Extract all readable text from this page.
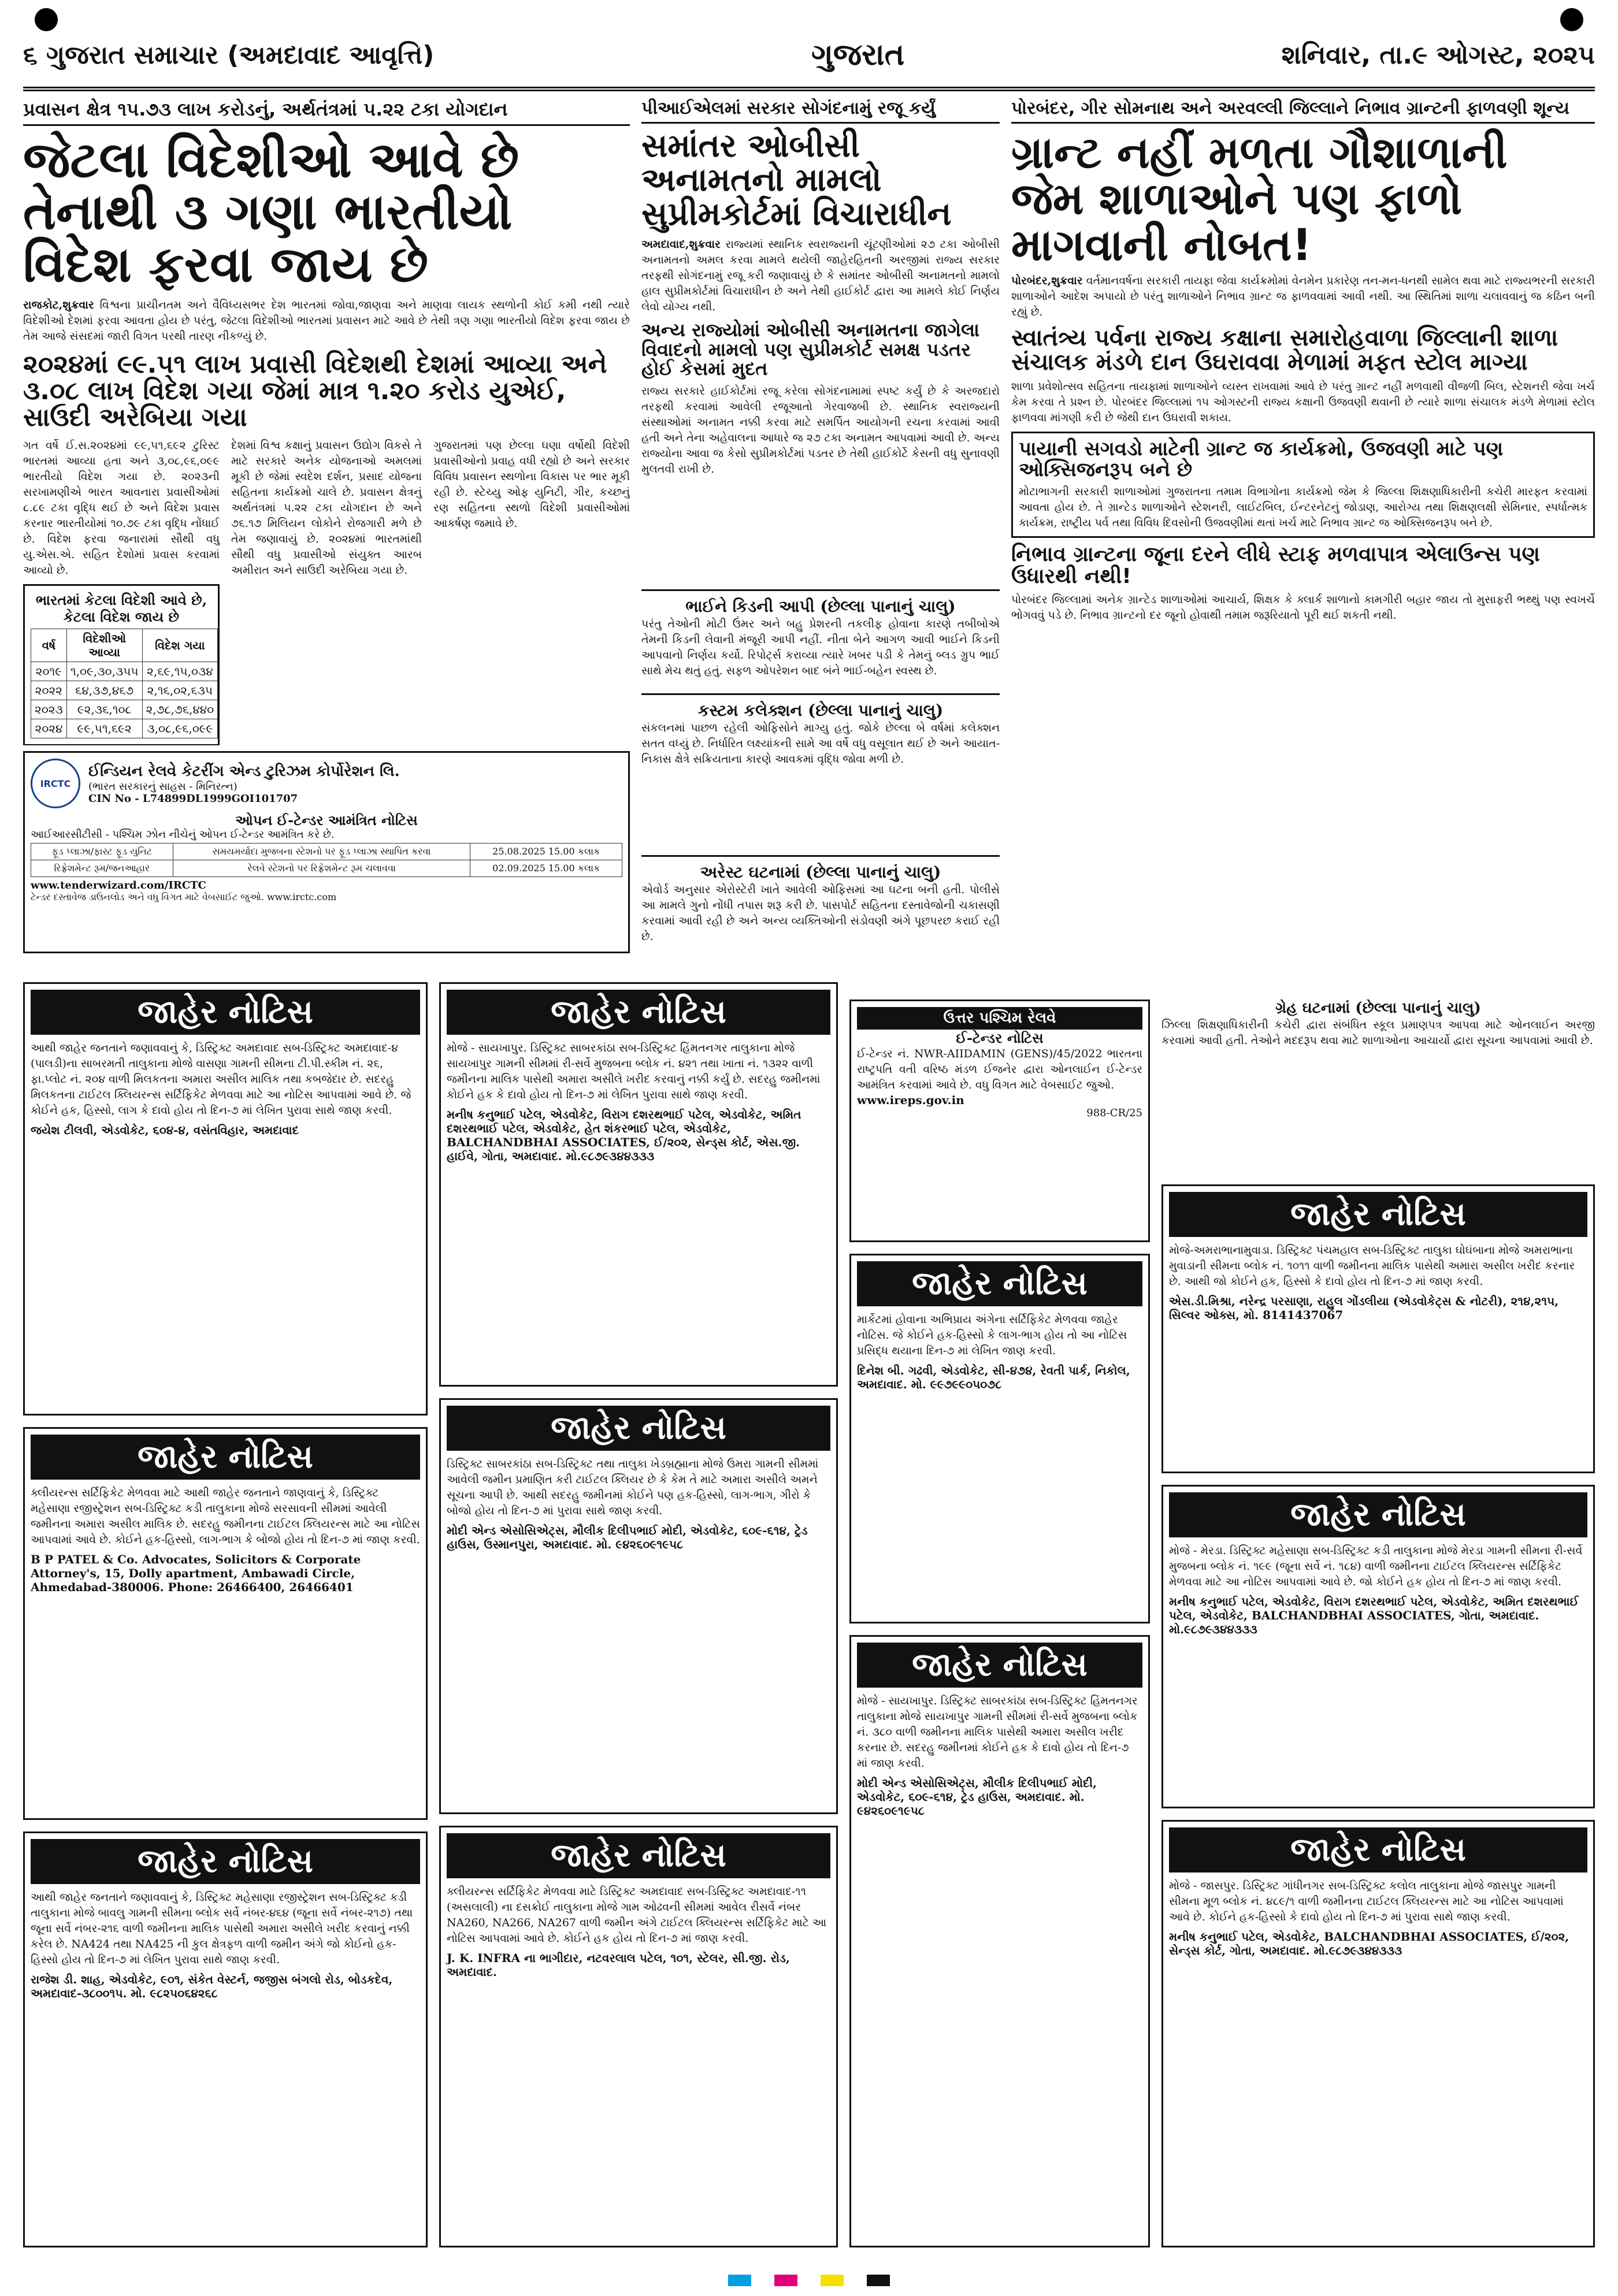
૬ ગુજરાત સમાચાર (અમદાવાદ આવૃત્તિ)	ગુજરાત	શનિવાર, તા.૯ ઓગસ્ટ, ૨૦૨૫
પ્રવાસન ક્ષેત્ર ૧૫.૭૩ લાખ કરોડનું, અર્થતંત્રમાં ૫.૨૨ ટકા યોગદાન
જેટલા વિદેશીઓ આવે છે તેનાથી ૩ ગણા ભારતીયો વિદેશ ફરવા જાય છે
રાજકોટ,શુક્રવાર વિશ્વના પ્રાચીનતમ અને વૈવિધ્યસભર દેશ ભારતમાં જોવા,જાણવા અને માણવા લાયક સ્થળોની કોઈ કમી નથી ત્યારે વિદેશીઓ દેશમાં ફરવા આવતા હોય છે પરંતુ, જેટલા વિદેશીઓ ભારતમાં પ્રવાસન માટે આવે છે તેથી ત્રણ ગણા ભારતીયો વિદેશ ફરવા જાય છે તેમ આજે સંસદમાં જારી વિગત પરથી તારણ નીકળ્યું છે.
૨૦૨૪માં ૯૯.૫૧ લાખ પ્રવાસી વિદેશથી દેશમાં આવ્યા અને ૩.૦૮ લાખ વિદેશ ગયા જેમાં માત્ર ૧.૨૦ કરોડ યુએઈ, સાઉદી અરેબિયા ગયા
ગત વર્ષે ઈ.સ.૨૦૨૪માં ૯૯,૫૧,૬૯૨ ટુરિસ્ટ ભારતમાં આવ્યા હતા અને ૩,૦૮,૯૬,૦૯૯ ભારતીયો વિદેશ ગયા છે. ૨૦૨૩ની સરખામણીએ ભારત આવનારા પ્રવાસીઓમાં ૮.૮૯ ટકા વૃદ્ધિ થઈ છે અને વિદેશ પ્રવાસ કરનાર ભારતીયોમાં ૧૦.૭૯ ટકા વૃદ્ધિ નોંધાઈ છે. વિદેશ ફરવા જનારામાં સૌથી વધુ યુ.એસ.એ. સહિત દેશોમાં પ્રવાસ કરવામાં આવ્યો છે.
ભારતમાં કેટલા વિદેશી આવે છે, કેટલા વિદેશ જાય છે
વર્ષ	વિદેશીઓ આવ્યા	વિદેશ ગયા
૨૦૧૯	૧,૦૯,૩૦,૩૫૫	૨,૬૯,૧૫,૦૩૪
૨૦૨૨	૬૪,૩૭,૪૬૭	૨,૧૬,૦૨,૬૩૫
૨૦૨૩	૯૨,૩૬,૧૦૮	૨,૭૮,૭૬,૪૪૦
૨૦૨૪	૯૯,૫૧,૬૯૨	૩,૦૮,૯૬,૦૯૯
દેશમાં વિશ્વ કક્ષાનું પ્રવાસન ઉદ્યોગ વિકસે તે માટે સરકારે અનેક યોજનાઓ અમલમાં મૂકી છે જેમાં સ્વદેશ દર્શન, પ્રસાદ યોજના સહિતના કાર્યક્રમો ચાલે છે. પ્રવાસન ક્ષેત્રનું અર્થતંત્રમાં ૫.૨૨ ટકા યોગદાન છે અને ૭૬.૧૭ મિલિયન લોકોને રોજગારી મળે છે તેમ જણાવાયું છે. ૨૦૨૪માં ભારતમાંથી સૌથી વધુ પ્રવાસીઓ સંયુક્ત આરબ અમીરાત અને સાઉદી અરેબિયા ગયા છે.
ગુજરાતમાં પણ છેલ્લા ઘણા વર્ષોથી વિદેશી પ્રવાસીઓનો પ્રવાહ વધી રહ્યો છે અને સરકાર વિવિધ પ્રવાસન સ્થળોના વિકાસ પર ભાર મૂકી રહી છે. સ્ટેચ્યુ ઓફ યુનિટી, ગીર, કચ્છનું રણ સહિતના સ્થળો વિદેશી પ્રવાસીઓમાં આકર્ષણ જમાવે છે.
IRCTC
ઈન્ડિયન રેલવે કેટરીંગ એન્ડ ટુરિઝમ કોર્પોરેશન લિ.
(ભારત સરકારનું સાહસ - મિનિરત્ન)
CIN No - L74899DL1999GOI101707
ઓપન ઈ-ટેન્ડર આમંત્રિત નોટિસ
આઈઆરસીટીસી - પશ્ચિમ ઝોન નીચેનું ઓપન ઈ-ટેન્ડર આમંત્રિત કરે છે.
ફૂડ પ્લાઝા/ફાસ્ટ ફૂડ યુનિટ	સમયમર્યાદા મુજબના સ્ટેશનો પર ફૂડ પ્લાઝા સ્થાપિત કરવા	25.08.2025 15.00 કલાક
રિફ્રેશમેન્ટ રૂમ/જનઆહાર	રેલવે સ્ટેશનો પર રિફ્રેશમેન્ટ રૂમ ચલાવવા	02.09.2025 15.00 કલાક
www.tenderwizard.com/IRCTC
ટેન્ડર દસ્તાવેજ ડાઉનલોડ અને વધુ વિગત માટે વેબસાઈટ જુઓ. www.irctc.com
પીઆઈએલમાં સરકાર સોગંદનામું રજૂ કર્યું
સમાંતર ઓબીસી અનામતનો મામલો સુપ્રીમકોર્ટમાં વિચારાધીન
અમદાવાદ,શુક્રવાર રાજ્યમાં સ્થાનિક સ્વરાજ્યની ચૂંટણીઓમાં ૨૭ ટકા ઓબીસી અનામતનો અમલ કરવા મામલે થયેલી જાહેરહિતની અરજીમાં રાજ્ય સરકાર તરફથી સોગંદનામું રજૂ કરી જણાવાયું છે કે સમાંતર ઓબીસી અનામતનો મામલો હાલ સુપ્રીમકોર્ટમાં વિચારાધીન છે અને તેથી હાઈકોર્ટ દ્વારા આ મામલે કોઈ નિર્ણય લેવો યોગ્ય નથી.
અન્ય રાજ્યોમાં ઓબીસી અનામતના જાગેલા વિવાદનો મામલો પણ સુપ્રીમકોર્ટ સમક્ષ પડતર હોઈ કેસમાં મુદત
રાજ્ય સરકારે હાઈકોર્ટમાં રજૂ કરેલા સોગંદનામામાં સ્પષ્ટ કર્યું છે કે અરજદારો તરફથી કરવામાં આવેલી રજૂઆતો ગેરવાજબી છે. સ્થાનિક સ્વરાજ્યની સંસ્થાઓમાં અનામત નક્કી કરવા માટે સમર્પિત આયોગની રચના કરવામાં આવી હતી અને તેના અહેવાલના આધારે જ ૨૭ ટકા અનામત આપવામાં આવી છે. અન્ય રાજ્યોના આવા જ કેસો સુપ્રીમકોર્ટમાં પડતર છે તેથી હાઈકોર્ટે કેસની વધુ સુનાવણી મુલતવી રાખી છે.
ભાઈને કિડની આપી (છેલ્લા પાનાનું ચાલુ)
પરંતુ તેઓની મોટી ઉંમર અને બહુ પ્રેશરની તકલીફ હોવાના કારણે તબીબોએ તેમની કિડની લેવાની મંજૂરી આપી નહીં. નીતા બેને આગળ આવી ભાઈને કિડની આપવાનો નિર્ણય કર્યો. રિપોર્ટ્સ કરાવ્યા ત્યારે ખબર પડી કે તેમનું બ્લડ ગ્રુપ ભાઈ સાથે મેચ થતું હતું. સફળ ઓપરેશન બાદ બંને ભાઈ-બહેન સ્વસ્થ છે.
કસ્ટમ કલેક્શન (છેલ્લા પાનાનું ચાલુ)
સંકલનમાં પાછળ રહેલી ઓફિસોને માગ્યુ હતું. જોકે છેલ્લા બે વર્ષમાં કલેક્શન સતત વધ્યું છે. નિર્ધારિત લક્ષ્યાંકની સામે આ વર્ષે વધુ વસૂલાત થઈ છે અને આયાત-નિકાસ ક્ષેત્રે સક્રિયતાના કારણે આવકમાં વૃદ્ધિ જોવા મળી છે.
અરેસ્ટ ઘટનામાં (છેલ્લા પાનાનું ચાલુ)
એવોર્ડ અનુસાર એરોસ્ટેરી ખાતે આવેલી ઓફિસમાં આ ઘટના બની હતી. પોલીસે આ મામલે ગુનો નોંધી તપાસ શરૂ કરી છે. પાસપોર્ટ સહિતના દસ્તાવેજોની ચકાસણી કરવામાં આવી રહી છે અને અન્ય વ્યક્તિઓની સંડોવણી અંગે પૂછપરછ કરાઈ રહી છે.
પોરબંદર, ગીર સોમનાથ અને અરવલ્લી જિલ્લાને નિભાવ ગ્રાન્ટની ફાળવણી શૂન્ય
ગ્રાન્ટ નહીં મળતા ગૌશાળાની જેમ શાળાઓને પણ ફાળો માગવાની નોબત!
પોરબંદર,શુક્રવાર વર્તમાનવર્ષના સરકારી તાયફા જેવા કાર્યક્રમોમાં વેનમેન પ્રકારેણ તન-મન-ધનથી સામેલ થવા માટે રાજ્યભરની સરકારી શાળાઓને આદેશ અપાયો છે પરંતુ શાળાઓને નિભાવ ગ્રાન્ટ જ ફાળવવામાં આવી નથી. આ સ્થિતિમાં શાળા ચલાવવાનું જ કઠિન બની રહ્યું છે.
સ્વાતંત્ર્ય પર્વના રાજ્ય કક્ષાના સમારોહવાળા જિલ્લાની શાળા સંચાલક મંડળે દાન ઉઘરાવવા મેળામાં મફત સ્ટોલ માગ્યા
શાળા પ્રવેશોત્સવ સહિતના તાયફામાં શાળાઓને વ્યસ્ત રાખવામાં આવે છે પરંતુ ગ્રાન્ટ નહીં મળવાથી વીજળી બિલ, સ્ટેશનરી જેવા ખર્ચ કેમ કરવા તે પ્રશ્ન છે. પોરબંદર જિલ્લામાં ૧૫ ઓગસ્ટની રાજ્ય કક્ષાની ઉજવણી થવાની છે ત્યારે શાળા સંચાલક મંડળે મેળામાં સ્ટોલ ફાળવવા માંગણી કરી છે જેથી દાન ઉઘરાવી શકાય.
પાયાની સગવડો માટેની ગ્રાન્ટ જ કાર્યક્રમો, ઉજવણી માટે પણ ઓક્સિજનરૂપ બને છે
મોટાભાગની સરકારી શાળાઓમાં ગુજરાતના તમામ વિભાગોના કાર્યક્રમો જેમ કે જિલ્લા શિક્ષણાધિકારીની કચેરી મારફત કરવામાં આવતા હોય છે. તે ગ્રાન્ટેડ શાળાઓને સ્ટેશનરી, લાઈટબિલ, ઈન્ટરનેટનું જોડાણ, આરોગ્ય તથા શિક્ષણલક્ષી સેમિનાર, સ્પર્ધાત્મક કાર્યક્રમ, રાષ્ટ્રીય પર્વ તથા વિવિધ દિવસોની ઉજવણીમાં થતાં ખર્ચ માટે નિભાવ ગ્રાન્ટ જ ઓક્સિજનરૂપ બને છે.
નિભાવ ગ્રાન્ટના જૂના દરને લીધે સ્ટાફ મળવાપાત્ર એલાઉન્સ પણ ઉધારથી નથી!
પોરબંદર જિલ્લામાં અનેક ગ્રાન્ટેડ શાળાઓમાં આચાર્ય, શિક્ષક કે ક્લાર્ક શાળાનો કામગીરી બહાર જાય તો મુસાફરી ભથ્થું પણ સ્વખર્ચે ભોગવવું પડે છે. નિભાવ ગ્રાન્ટનો દર જૂનો હોવાથી તમામ જરૂરિયાતો પૂરી થઈ શકતી નથી.
ઉત્તર પશ્ચિમ રેલવે
ઈ-ટેન્ડર નોટિસ
ઈ-ટેન્ડર નં. NWR-AIIDAMIN (GENS)/45/2022 ભારતના રાષ્ટ્રપતિ વતી વરિષ્ઠ મંડળ ઈજનેર દ્વારા ઓનલાઈન ઈ-ટેન્ડર આમંત્રિત કરવામાં આવે છે. વધુ વિગત માટે વેબસાઈટ જુઓ.
www.ireps.gov.in
988-CR/25
ગ્રેહ ઘટનામાં (છેલ્લા પાનાનું ચાલુ)
ઝિલ્લા શિક્ષણાધિકારીની કચેરી દ્વારા સંબંધિત સ્કૂલ પ્રમાણપત્ર આપવા માટે ઓનલાઈન અરજી કરવામાં આવી હતી. તેઓને મદદરૂપ થવા માટે શાળાઓના આચાર્યો દ્વારા સૂચના આપવામાં આવી છે.
જાહેર નોટિસ
આથી જાહેર જનતાને જણાવવાનું કે, ડિસ્ટ્રિક્ટ અમદાવાદ સબ-ડિસ્ટ્રિક્ટ અમદાવાદ-૪ (પાલડી)ના સાબરમતી તાલુકાના મોજે વાસણા ગામની સીમના ટી.પી.સ્કીમ નં. ૨૬, ફા.પ્લોટ નં. ૨૦૪ વાળી મિલકતના અમારા અસીલ માલિક તથા કબજેદાર છે. સદરહુ મિલકતના ટાઈટલ ક્લિયરન્સ સર્ટિફિકેટ મેળવવા માટે આ નોટિસ આપવામાં આવે છે. જે કોઈને હક, હિસ્સો, લાગ કે દાવો હોય તો દિન-૭ માં લેખિત પુરાવા સાથે જાણ કરવી.
જયેશ ટીલવી, એડવોકેટ, ૬૦૪-૪, વસંતવિહાર, અમદાવાદ
જાહેર નોટિસ
ક્લીયરન્સ સર્ટિફિકેટ મેળવવા માટે આથી જાહેર જનતાને જાણવાનું કે, ડિસ્ટ્રિક્ટ મહેસાણા રજીસ્ટ્રેશન સબ-ડિસ્ટ્રિક્ટ કડી તાલુકાના મોજે સરસાવની સીમમાં આવેલી જમીનના અમારા અસીલ માલિક છે. સદરહુ જમીનના ટાઈટલ ક્લિયરન્સ માટે આ નોટિસ આપવામાં આવે છે. કોઈને હક-હિસ્સો, લાગ-ભાગ કે બોજો હોય તો દિન-૭ માં જાણ કરવી.
B P PATEL & Co. Advocates, Solicitors & Corporate Attorney's, 15, Dolly apartment, Ambawadi Circle, Ahmedabad-380006. Phone: 26466400, 26466401
જાહેર નોટિસ
આથી જાહેર જનતાને જણાવવાનું કે, ડિસ્ટ્રિક્ટ મહેસાણા રજીસ્ટ્રેશન સબ-ડિસ્ટ્રિક્ટ કડી તાલુકાના મોજે બાવલુ ગામની સીમના બ્લોક સર્વે નંબર-૪૬૪ (જૂના સર્વે નંબર-૨૧૭) તથા જૂના સર્વે નંબર-૨૧૬ વાળી જમીનના માલિક પાસેથી અમારા અસીલે ખરીદ કરવાનું નક્કી કરેલ છે. NA424 તથા NA425 ની કુલ ક્ષેત્રફળ વાળી જમીન અંગે જો કોઈનો હક-હિસ્સો હોય તો દિન-૭ માં લેખિત પુરાવા સાથે જાણ કરવી.
રાજેશ ડી. શાહ, એડવોકેટ, ૯૦૧, સંકેત વેસ્ટર્ન, જજીસ બંગલો રોડ, બોડકદેવ, અમદાવાદ-૩૮૦૦૧૫. મો. ૯૮૨૫૦૬૪૨૬૮
જાહેર નોટિસ
મોજે - સાયખાપુર. ડિસ્ટ્રિક્ટ સાબરકાંઠા સબ-ડિસ્ટ્રિક્ટ હિંમતનગર તાલુકાના મોજે સાયખાપુર ગામની સીમમાં રી-સર્વે મુજબના બ્લોક નં. ૪૨૧ તથા ખાતા નં. ૧૩૨૨ વાળી જમીનના માલિક પાસેથી અમારા અસીલે ખરીદ કરવાનું નક્કી કર્યું છે. સદરહુ જમીનમાં કોઈને હક કે દાવો હોય તો દિન-૭ માં લેખિત પુરાવા સાથે જાણ કરવી.
મનીષ કનુભાઈ પટેલ, એડવોકેટ, વિરાગ દશરથભાઈ પટેલ, એડવોકેટ, અમિત દશરથભાઈ પટેલ, એડવોકેટ, હેત શંકરભાઈ પટેલ, એડવોકેટ, BALCHANDBHAI ASSOCIATES, ઈ/૨૦૨, સેન્ડ્સ કોર્ટ, એસ.જી. હાઈવે, ગોતા, અમદાવાદ. મો.૯૮૭૯૩૪૪૩૩૩
જાહેર નોટિસ
ડિસ્ટ્રિક્ટ સાબરકાંઠા સબ-ડિસ્ટ્રિક્ટ તથા તાલુકા ખેડબ્રહ્માના મોજે ઉમરા ગામની સીમમાં આવેલી જમીન પ્રમાણિત કરી ટાઈટલ ક્લિયર છે કે કેમ તે માટે અમારા અસીલે અમને સૂચના આપી છે. આથી સદરહુ જમીનમાં કોઈને પણ હક-હિસ્સો, લાગ-ભાગ, ગીરો કે બોજો હોય તો દિન-૭ માં પુરાવા સાથે જાણ કરવી.
મોદી એન્ડ એસોસિએટ્સ, મૌલીક દિલીપભાઈ મોદી, એડવોકેટ, ૬૦૯-૬૧૪, ટ્રેડ હાઉસ, ઉસ્માનપુરા, અમદાવાદ. મો. ૯૪૨૬૦૯૧૯૫૮
જાહેર નોટિસ
ક્લીયરન્સ સર્ટિફિકેટ મેળવવા માટે ડિસ્ટ્રિક્ટ અમદાવાદ સબ-ડિસ્ટ્રિક્ટ અમદાવાદ-૧૧ (અસલાલી) ના દસક્રોઈ તાલુકાના મોજે ગામ ઓઢવની સીમમાં આવેલ રીસર્વે નંબર NA260, NA266, NA267 વાળી જમીન અંગે ટાઈટલ ક્લિયરન્સ સર્ટિફિકેટ માટે આ નોટિસ આપવામાં આવે છે. કોઈને હક હોય તો દિન-૭ માં જાણ કરવી.
J. K. INFRA ના ભાગીદાર, નટવરલાલ પટેલ, ૧૦૧, સ્ટેલર, સી.જી. રોડ, અમદાવાદ.
જાહેર નોટિસ
માર્કેટમાં હોવાના અભિપ્રાય અંગેના સર્ટિફિકેટ મેળવવા જાહેર નોટિસ. જે કોઈને હક-હિસ્સો કે લાગ-ભાગ હોય તો આ નોટિસ પ્રસિદ્ધ થયાના દિન-૭ માં લેખિત જાણ કરવી.
દિનેશ બી. ગઢવી, એડવોકેટ, સી-૪૭૪, રેવતી પાર્ક, નિકોલ, અમદાવાદ. મો. ૯૯૭૯૯૦૫૦૭૮
જાહેર નોટિસ
મોજે - સાયખાપુર. ડિસ્ટ્રિક્ટ સાબરકાંઠા સબ-ડિસ્ટ્રિક્ટ હિંમતનગર તાલુકાના મોજે સાયખાપુર ગામની સીમમાં રી-સર્વે મુજબના બ્લોક નં. ૩૮૦ વાળી જમીનના માલિક પાસેથી અમારા અસીલ ખરીદ કરનાર છે. સદરહુ જમીનમાં કોઈને હક કે દાવો હોય તો દિન-૭ માં જાણ કરવી.
મોદી એન્ડ એસોસિએટ્સ, મૌલીક દિલીપભાઈ મોદી, એડવોકેટ, ૬૦૯-૬૧૪, ટ્રેડ હાઉસ, અમદાવાદ. મો. ૯૪૨૬૦૯૧૯૫૮
જાહેર નોટિસ
મોજે-અમરાભાનામુવાડા. ડિસ્ટ્રિક્ટ પંચમહાલ સબ-ડિસ્ટ્રિક્ટ તાલુકા ઘોઘંબાના મોજે અમરાભાના મુવાડાની સીમના બ્લોક નં. ૧૦૧૧ વાળી જમીનના માલિક પાસેથી અમારા અસીલ ખરીદ કરનાર છે. આથી જો કોઈને હક, હિસ્સો કે દાવો હોય તો દિન-૭ માં જાણ કરવી.
એસ.ડી.મિશ્રા, નરેન્દ્ર પરસાણા, રાહુલ ગોંડલીયા (એડવોકેટ્સ & નોટરી), ૨૧૪,૨૧૫, સિલ્વર ઓક્સ, મો. 8141437067
જાહેર નોટિસ
મોજે - મેરડા. ડિસ્ટ્રિક્ટ મહેસાણા સબ-ડિસ્ટ્રિક્ટ કડી તાલુકાના મોજે મેરડા ગામની સીમના રી-સર્વે મુજબના બ્લોક નં. ૧૯૯ (જૂના સર્વે નં. ૧૮૪) વાળી જમીનના ટાઈટલ ક્લિયરન્સ સર્ટિફિકેટ મેળવવા માટે આ નોટિસ આપવામાં આવે છે. જો કોઈને હક હોય તો દિન-૭ માં જાણ કરવી.
મનીષ કનુભાઈ પટેલ, એડવોકેટ, વિરાગ દશરથભાઈ પટેલ, એડવોકેટ, અમિત દશરથભાઈ પટેલ, એડવોકેટ, BALCHANDBHAI ASSOCIATES, ગોતા, અમદાવાદ. મો.૯૮૭૯૩૪૪૩૩૩
જાહેર નોટિસ
મોજે - જાસપુર. ડિસ્ટ્રિક્ટ ગાંધીનગર સબ-ડિસ્ટ્રિક્ટ કલોલ તાલુકાના મોજે જાસપુર ગામની સીમના મૂળ બ્લોક નં. ૪૮૯/૧ વાળી જમીનના ટાઈટલ ક્લિયરન્સ માટે આ નોટિસ આપવામાં આવે છે. કોઈને હક-હિસ્સો કે દાવો હોય તો દિન-૭ માં પુરાવા સાથે જાણ કરવી.
મનીષ કનુભાઈ પટેલ, એડવોકેટ, BALCHANDBHAI ASSOCIATES, ઈ/૨૦૨, સેન્ડ્સ કોર્ટ, ગોતા, અમદાવાદ. મો.૯૮૭૯૩૪૪૩૩૩
